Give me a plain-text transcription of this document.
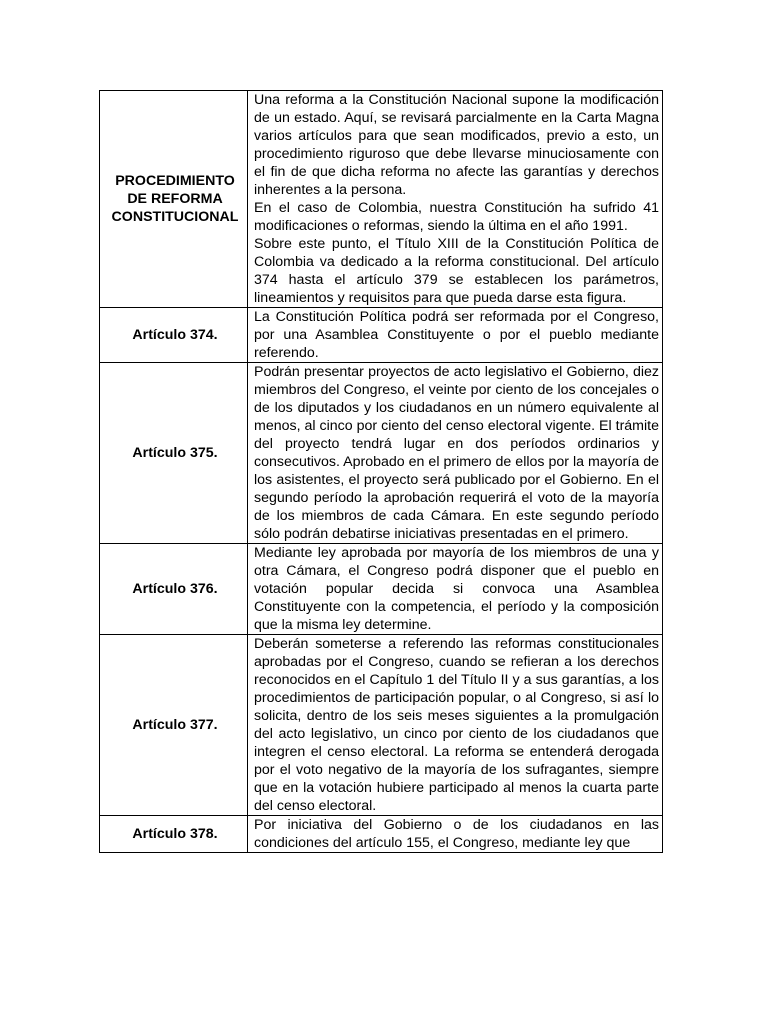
PROCEDIMIENTO DE REFORMA CONSTITUCIONAL	Una reforma a la Constitución Nacional supone la modificación de un estado. Aquí, se revisará parcialmente en la Carta Magna varios artículos para que sean modificados, previo a esto, un procedimiento riguroso que debe llevarse minuciosamente con el fin de que dicha reforma no afecte las garantías y derechos inherentes a la persona.

En el caso de Colombia, nuestra Constitución ha sufrido 41 modificaciones o reformas, siendo la última en el año 1991.

Sobre este punto, el Título XIII de la Constitución Política de Colombia va dedicado a la reforma constitucional. Del artículo 374 hasta el artículo 379 se establecen los parámetros, lineamientos y requisitos para que pueda darse esta figura.

Artículo 374.	La Constitución Política podrá ser reformada por el Congreso, por una Asamblea Constituyente o por el pueblo mediante referendo.

Artículo 375.	Podrán presentar proyectos de acto legislativo el Gobierno, diez miembros del Congreso, el veinte por ciento de los concejales o de los diputados y los ciudadanos en un número equivalente al menos, al cinco por ciento del censo electoral vigente. El trámite del proyecto tendrá lugar en dos períodos ordinarios y consecutivos. Aprobado en el primero de ellos por la mayoría de los asistentes, el proyecto será publicado por el Gobierno. En el segundo período la aprobación requerirá el voto de la mayoría de los miembros de cada Cámara. En este segundo período sólo podrán debatirse iniciativas presentadas en el primero.

Artículo 376.	Mediante ley aprobada por mayoría de los miembros de una y otra Cámara, el Congreso podrá disponer que el pueblo en votación popular decida si convoca una Asamblea Constituyente con la competencia, el período y la composición que la misma ley determine.

Artículo 377.	Deberán someterse a referendo las reformas constitucionales aprobadas por el Congreso, cuando se refieran a los derechos reconocidos en el Capítulo 1 del Título II y a sus garantías, a los procedimientos de participación popular, o al Congreso, si así lo solicita, dentro de los seis meses siguientes a la promulgación del acto legislativo, un cinco por ciento de los ciudadanos que integren el censo electoral. La reforma se entenderá derogada por el voto negativo de la mayoría de los sufragantes, siempre que en la votación hubiere participado al menos la cuarta parte del censo electoral.

Artículo 378.	Por iniciativa del Gobierno o de los ciudadanos en las condiciones del artículo 155, el Congreso, mediante ley que
